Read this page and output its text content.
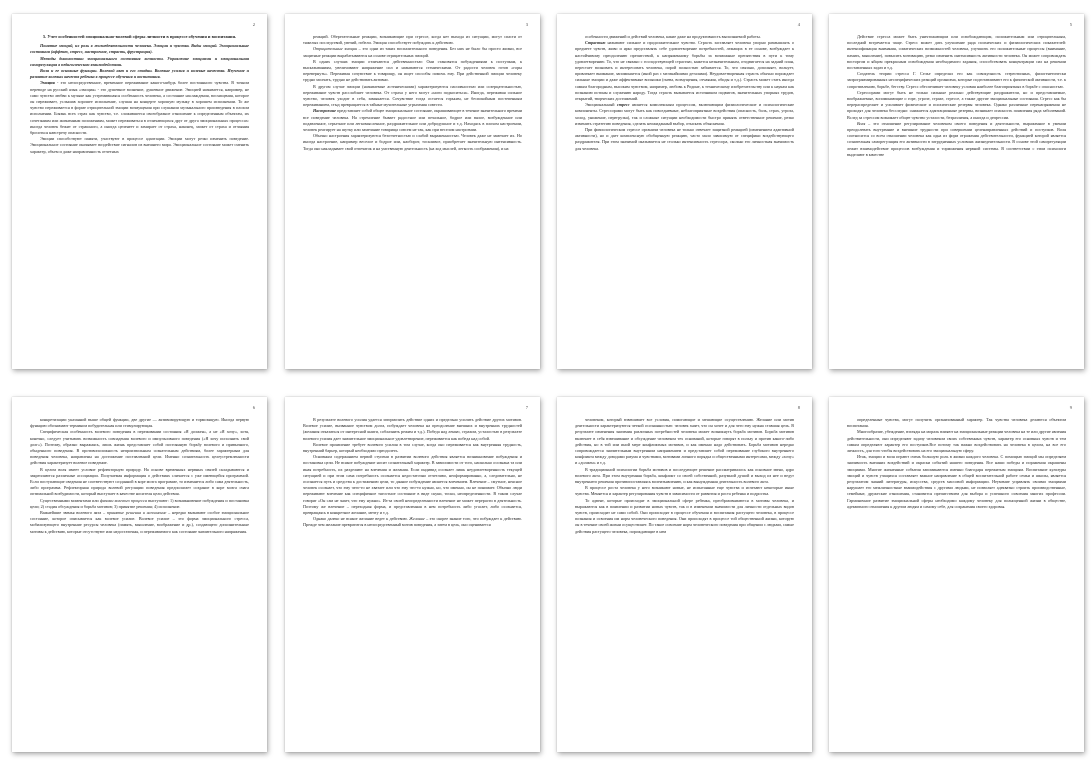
2
5. Учет особенностей эмоционально-волевой сферы личности в процессе обучения и воспитания.

Понятие эмоций, их роль в жизнедеятельности человека. Эмоции и чувства. Виды эмоций. Эмоциональные состояния (аффект, стресс, настроение, страсть, фрустрация).

Методы диагностики эмоционального состояния личности. Управление эмоциями и эмоциональная саморегуляция в педагогическом взаимодействии.

Воля и ее основные функции. Волевой акт и его стадии. Волевые усилия и волевые качества. Изучение и развитие волевых качеств ребенка в процессе обучения и воспитания.

Эмоция - это непосредственное, временное переживание какого-нибудь более постоянного чувства. В точном переводе на русский язык «эмоция» - это душевное волнение, душевное движение. Эмоцией называется, например, не само чувство любви к музыке как устремившаяся особенность человека, а состояние наслаждения, восхищения, которое он переживает, услышав хорошее исполнение, слушая на концерте хорошую музыку в хорошем исполнении. То же чувство переживается в форме отрицательной эмоции возмущения при слушании музыкального произведения в плохом исполнении. Боязнь всех страх как чувство, т.е. сложившееся своеобразное отношение к определенным объектам, их сочетаниям или жизненным положениям, может переживаться в отличающихся друг от друга эмоциональных процессах: иногда человек бежит от страшного, а иногда цепенеет и замирает от страха, наконец, может от страха и отчаяния броситься навстречу опасности.

Эмоции способствуют памяти, участвуют в процессе адаптации. Эмоции могут резко изменить поведение. Эмоциональное состояние оказывает воздействие сигналов из внешнего мира. Эмоциональное состояние может сменить характер, объем и даже направленность отчетных

3

реакций. Оберегательные реакции, возникающие при стрессе, когда нет выхода из ситуации, могут спасти от тяжелых последствий, увечий, гибели. Эмоция способствует побуждать к действию.

Отрицательные эмоции – это одни из таких воспалительного поведения. Без них не было бы просто жизни, все защитные реакции вырабатываются на основе отрицательных эмоций.

В одних случаях эмоции отличаются действенностью: Они становятся побуждениями к поступкам, к высказываниям, увеличивают напряжение сил и называются стеническими. От радости человек готов «горы перевернуть». Переживая сочувствие к товарищу, он ищет способы помочь ему. При действенной эмоции человеку трудно молчать, трудно не действовать активно.

В другом случае эмоции (называемые астеническими) характеризуются пассивностью или созерцательностью, переживание чувств расслабляет человека. От страха у него могут «ноги подкоситься». Иногда, переживая сильное чувство, человек уходит в себя, замыкается. Сочувствие тогда остается горьким, не беспокойным постепенным переживанием, стыд превращается в тайные мучительные угрызения совести.

Настроение представляет собой общее эмоциональное состояние, окрашивающее в течение значительного времени все поведение человека. На стремление бывает радостное или печальное, бодрое или вялое, возбужденное или подавленное, серьезное или легкомысленное, раздражительное или добродушное и т.д. Находясь в плохом настроении, человек реагирует на шутку или замечание товарища совсем не так, как при веселом настроении.

Обычно настроения характеризуются безотчетностью и слабой выраженностью. Человек даже не замечает их. Но иногда настроение, например веселое и бодрое или, наоборот, тоскливое, приобретает значительную интенсивность. Тогда оно накладывает свой отпечаток и на умственную деятельность (на ход мыслей, легкость соображения), и на

4

особенности движений и действий человека, какие даже на продуктивность выполняемой работы.

Страстью называют сильное и продолжительное чувство. Страсть заставляет человека упорно размышлять о предмете чувств, живо и ярко представлять себе удовлетворение потребностей, лежащих в ее основе, возбуждает к настойчивому преодолению препятствий, к напряженному борьбы за возможные препятствия в пути к тому удовлетворению. То, что не связано с господствующей страстью, кажется незначительным, отодвигается на задний план, перестает волновать и интересовать человека, порой полностью забывается. То, что связано, дополняет, волнует, привлекает внимание, запоминается (иной раз с мельчайшими деталями). Неудовлетворенная страсть обычно порождает сильные эмоции и даже аффективные вспышки (гнева, возмущения, отчаяния, обиды и т.д.). Страсть может стать иногда самым благородным, высоким чувством, например, любовь к Родине, к техническому изобретательству или к наукам как познанию истины и служению народу. Тогда страсть вызывается источником подвигов, значительных упорных трудов, открытий, творческих достижений.

Эмоциональный стресс является комплексным процессом, включающим физиологические и психологические компоненты. Стрессорами могут быть как повседневные, неблагоприятные воздействия (опасность, боль, страх, угроза, холод, унижение, перегрузка), так и сложные ситуации необходимости быстро принять ответственное решение, резко изменить стратегию поведения, сделать неожиданный выбор, отыскать объяснения.

При физиологическом стрессе организм человека не только отвечает защитной реакцией (изменением адаптивной активности), но и дает комплексную обобщенную реакцию, часто мало зависимую от специфики воздействующего раздражителя. При этом значимой оказывается не столько интенсивность стрессора, сколько его личностная значимость для человека.

5

Действие стресса может быть уничтожающим или освобождающим, положительным или отрицательным, последний встречается чаще. Стресс может дать улучшение ряда психических и физиологических показателей: интенсификация внимания, соматических возможностей человека, улучшить его положительные процессы (внимание, память, мышление), повысить мотивацию, резко изменить интенсивность активности человека. Он может сопровождать восторгом и яйцом прекрасным освобождения необходимого задания, способствовать концентрации сил на решении поставленных задач и т.д.

Создатель теории стресса Г. Селье определял его как совокупность стереотипных, филогенетически запрограммированных неспецифических реакций организма, которые подготавливают его к физической активности, т.е. к сопротивлению, борьбе, бегству. Стресс обеспечивает человеку условия наиболее благоприятных в борьбе с опасностью.

Стрессорами могут быть не только сильные реально действующие раздражители, но и представляемые, воображаемые, вспоминающие о горе, угрозе, страхе, стрессе, а также другие эмоциональные состояния. Стресс как бы перераспределяет и усиливает физические и психические резервы человека. Однако различные перенапряжения не проходят для человека бесследно: снижается адаптационные резервы, возникает опасность появления ряда заболеваний. Вслед за стрессом возникает общее чувство усталости, безразличия, а иногда и депрессии.

Воля – это отношение регулирование человеком своего поведения и деятельности, выраженное в умении преодолевать внутренние и внешние трудности при совершении целенаправленных действий и поступков. Воля соотносится со всем отношении человека как одна из форм отражения действительности, функцией которой является сознательная саморегуляция его активности в затрудненных условиях жизнедеятельности. В основе этой саморегуляции лежит взаимодействие процессов возбуждения и торможения нервной системы. В соответствии с этим психологи выделяют в качестве

6

конкретизации указанной выше общей функции, две другие — активизирующую и тормозящую. Иногда первую функцию обозначают термином побудительная или стимулирующая.

Специфическая особенность волевого поведения в переживании состояния «Я должен», а не «Я хочу», хотя, конечно, следует учитывать возможность совпадения волевого и импульсивного поведения («Я хочу исполнить свой долг»). Поэтому, образно выражаясь, лишь жизнь представляет собой постоянную борьбу волевого и привычного, обыденного поведения. В противоположность непроизвольным сознательным действиям, более характерным для поведения человека, направлены на достижение поставленной цели. Именно сознательность целеустремленности действия характеризует волевое поведение.

В целом воля имеет условие рефлекторную природу. На основе временных нервных связей складываются и закрепляются различные ассоциации. Получаемая информация о действиях сличается с уже имеющейся программой. Если поступающие сведения не соответствуют созданной в коре мозга программе, то изменяется либо сама деятельность, либо программа. Рефлекторная природа волевой регуляции поведения предполагает создание в коре мозга очага оптимальной возбудимости, который выступает в качестве носителя цели действия.

Существенными моментами или фазами волевого процесса выступают: 1) возникновение побуждения и постановка цели; 2) стадия обсуждения и борьба мотивов; 3) принятие решения; 4) исполнение.

Важнейшие звенья волевого акта – принятие решения и исполнение – нередко вызывают особое эмоциональное состояние, которое описывается как волевое усилие. Волевое усилие – это форма эмоционального стресса, мобилизующего внутренние ресурсы человека (память, мышление, воображение и др.), создающего дополнительные мотивы к действию, которые отсутствуют или недостаточны, и переживаемого как состояние значительного напряжения.

7

В результате волевого усилия удается затормозить действие одних и предельно усилить действие других мотивов. Волевое усилие, вызванное чувством долга, побуждает человека на преодоление внешних и внутренних трудностей (желания отказаться от интересной книги, соблазнить режим и т.д.). Победа над ленью, страхом, усталостью в результате волевого усилия дает значительное эмоциональное удовлетворение, переживается как победа над собой.

Волевое проявление требует волевого усилия в том случае, когда оно переживается как внутренняя трудность, внутренний барьер, который необходимо преодолеть.

Основным содержанием первой ступени в развитии волевого действия является возникновение побуждения и постановка цели. Не всякое побуждение носит сознательный характер. В зависимости от того, насколько осознана та или иная потребность, их разделяют на влечения и желания. Если индивид осознает лишь неудовлетворенность текущей ситуацией и при этом сама потребность осознается недостаточно отчетливо, неоформированно, а, следовательно, не осознается путь и средства к достижению цели, то данное побуждение является влечением. Влечение – смутное, неясное человек осознает, что ему чего-то не хватает или что ему что-то нужно, но, что именно, он не понимает. Обычно люди переживают влечение как специфичное тягостное состояние в виде скуки, тоски, неопределенности. В таком случае говорят «Он сам не знает, что ему нужно». Из-за своей неопределенности влечение не может перерасти в деятельность. Поэтому же влечение – переходная форма, и представленная в нем потребность либо угасает, либо осознается, превращаясь в конкретное желание, мечту и т.д.

Однако далеко не всякое желание ведет к действию. Желание – это скорее знание того, что побуждает к действию. Прежде чем желание превратится в непосредственный мотив поведения, а затем в цель, оно оценивается

8

человеком, который взвешивает все условия, помогающие и мешающие осуществлению. Желание или мотив деятельности характеризуются четкой осознанностью: человек знает, что он хочет и для чего ему нужна ставшая цель. В результате изменения значения различных потребностей человека может возникнуть борьба мотивов. Борьба мотивов включает в себя взвешивание и обсуждение человеком тех оснований, которые говорят в пользу и против какого-либо действия, но в той или иной мере конфликтных мотивов, и как именно надо действовать. Борьба мотивов нередко сопровождается значительным внутренним напряжением и представляет собой переживание глубокого внутреннего конфликта между доводами разума и чувствами, мотивами личного порядка и общественными интересами, между «хочу» и «должен» и т.д.

В традиционной психологии борьба мотивов и последующее решение рассматривалось как основное звено, ядро волевого акта. При этом внутренняя борьба, конфликт со своей собственной, разумной душой и выход из нее и ведут внутреннего решения противопоставляясь волеизъявлению, и как вынужденная деятельность волевого акта.

В процессе роста человека у него возникают новые, не испытанные еще чувства и исчезают некоторые иные чувства. Меняется и характер регулирования чувств в зависимости от развития и роста ребенка и подростка.

То адвент, которые происходят в эмоциональной сфере ребенка, преобразовываются в мотивы человека, и выражаются как в появлении и развитии новых чувств, так и в изменении значимости для личности отдельных видов чувств, происходит не сами собой. Они происходят в процессе обучения и воспитания растущего человека, в процессе познания и освоения им норм человеческого поведения. Они происходят в процессе той общественной жизни, которую он в течение своей жизни осуществляет. По такое освоение норм человеческого поведения при общении с людьми, самые действия растущего человека, порождающие в нем

9

определенные чувства, могут получить организованный характер. Так чувства человека делаются объектом воспитания.

Многообразие, убеждение, взгляды на мораль влияют на эмоциональные реакции человека на те или другие явления действительности, они определяют задачу человеком своих собственных чувств, характер его основных чувств и тем самым определяют характер его поступков.Все потому так важно воздействовать на человека в целом, на все его личность, для того чтобы воздействовать на его эмоциональную сферу.

Итак, эмоции и воля играют очень большую роль в жизни каждого человека. С помощью эмоций мы определяем значимость внешних воздействий и окраски событий нашего поведения. Все наши победы и поражения окрашены эмоциями. Многие жизненные события запоминаются именно благодаря пережитым эмоциям. Воспитание культуры эмоций и чувств учащихся составляет важное направление в общей воспитательной работе семьи и школы, является результатом знаний литературы, искусства, средств массовой информации. Неумение управлять своими эмоциями нарушает его межличностные взаимодействия с другими людьми, не позволяет адекватно строить производственные, семейные, дружеские отношения, становится препятствием для выбора и успешного освоения многих профессии. Гармоничное развитие эмоциональной сферы необходимо каждому человеку для полноценной жизни в обществе, адекватного отношения к другим людям и самому себе, для сохранения своего здоровья.
